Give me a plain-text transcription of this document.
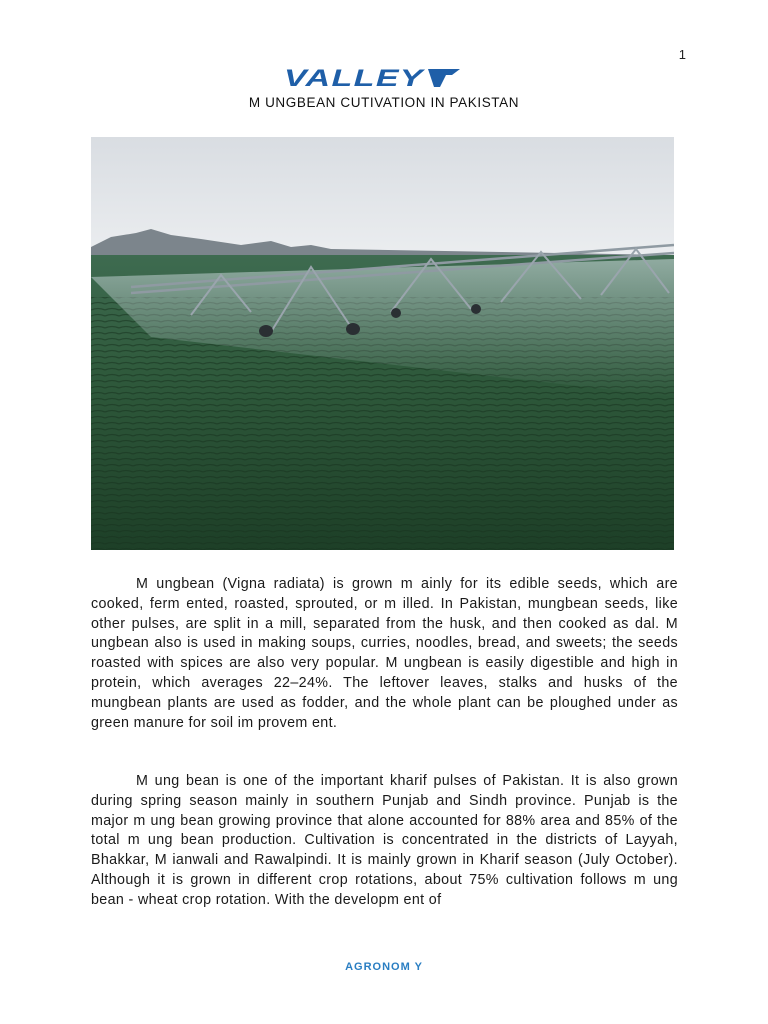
1
VALLEY
M UNGBEAN CUTIVATION IN PAKISTAN

M ungbean (Vigna radiata) is grown m ainly for its edible seeds, which are cooked, ferm ented, roasted, sprouted, or m illed. In Pakistan, mungbean seeds, like other pulses, are split in a mill, separated from the husk, and then cooked as dal. M ungbean also is used in making soups, curries, noodles, bread, and sweets; the seeds roasted with spices are also very popular. M ungbean is easily digestible and high in protein, which averages 22–24%. The leftover leaves, stalks and husks of the mungbean plants are used as fodder, and the whole plant can be ploughed under as green manure for soil im provem ent.

M ung bean is one of the important kharif pulses of Pakistan. It is also grown during spring season mainly in southern Punjab and Sindh province. Punjab is the major m ung bean growing province that alone accounted for 88% area and 85% of the total m ung bean production. Cultivation is concentrated in the districts of Layyah, Bhakkar, M ianwali and Rawalpindi. It is mainly grown in Kharif season (July October). Although it is grown in different crop rotations, about 75% cultivation follows m ung bean - wheat crop rotation. With the developm ent of

AGRONOM Y
